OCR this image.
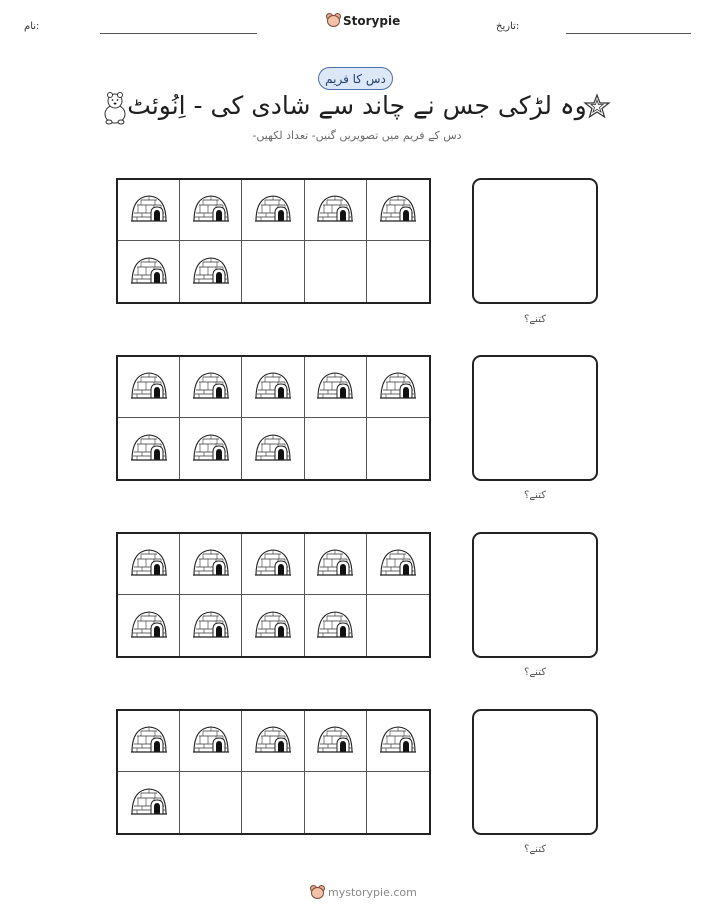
نام:	Storypie	تاریخ:
دس کا فریم
وہ لڑکی جس نے چاند سے شادی کی - اِنُوئٹ
دس کے فریم میں تصویریں گنیں- تعداد لکھیں-
کتنے؟
کتنے؟
کتنے؟
کتنے؟
mystorypie.com
